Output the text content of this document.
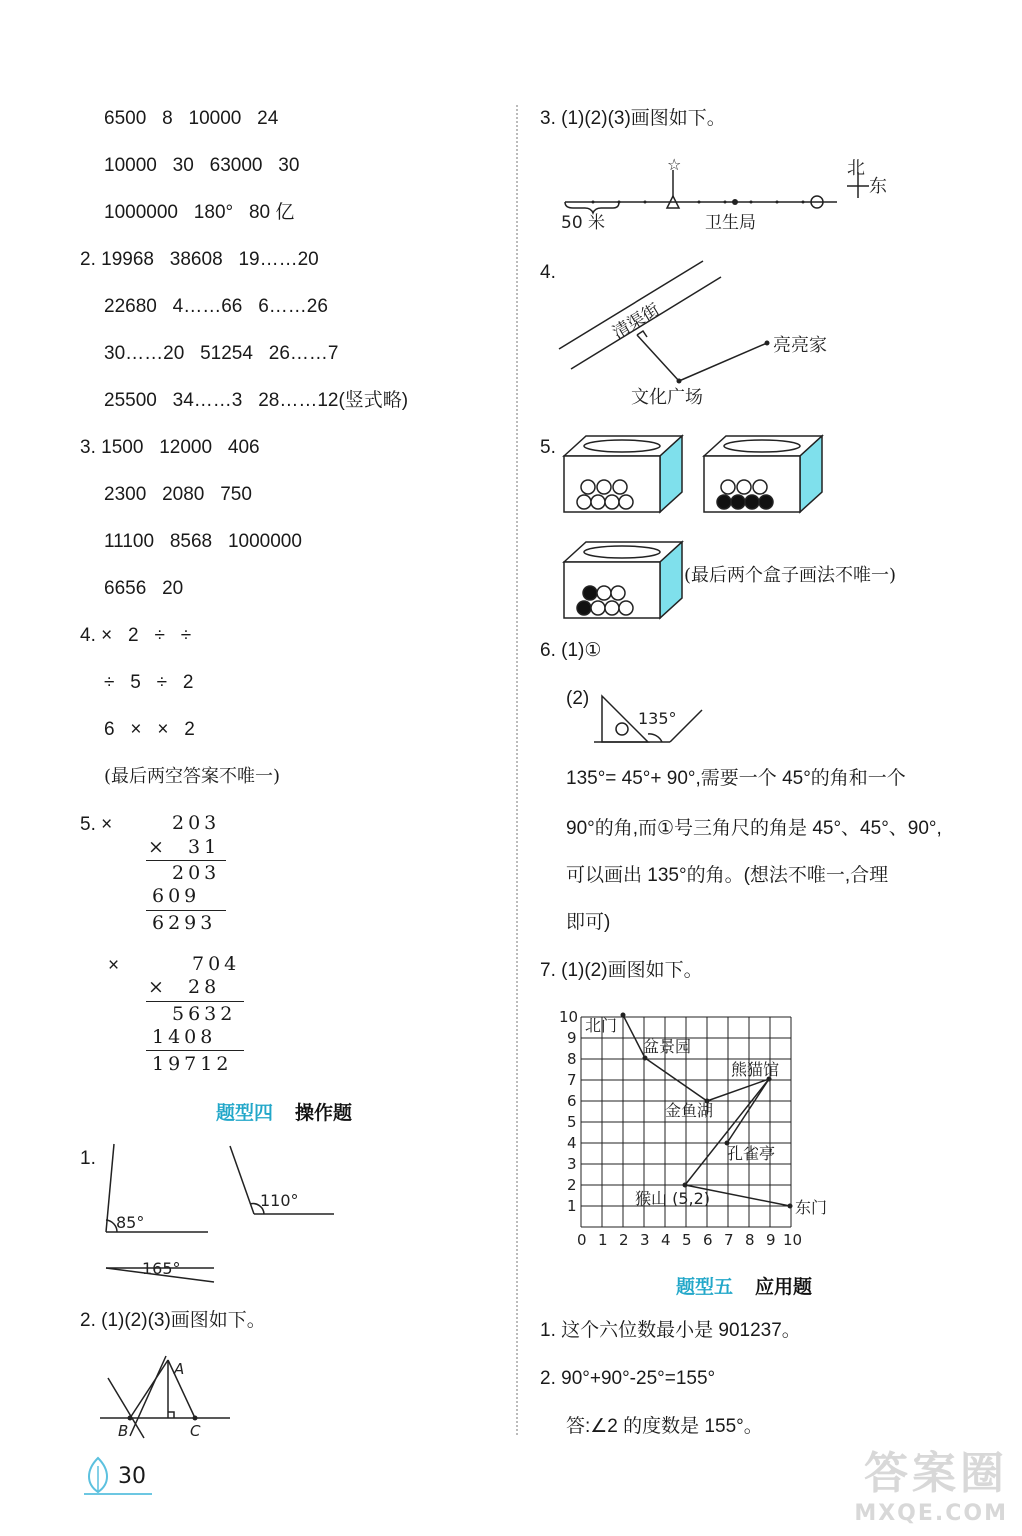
6500   8   10000   24
10000   30   63000   30
1000000   180°   80 亿
2. 19968   38608   19……20
22680   4……66   6……26
30……20   51254   26……7
25500   34……3   28……12(竖式略)
3. 1500   12000   406
2300   2080   750
11100   8568   1000000
6656   20
4. ×   2   ÷   ÷
÷   5   ÷   2
6   ×   ×   2
(最后两空答案不唯一)
5. ×	203
×  31
203
609
6293
×	704
×  28
5632
1408
19712
题型四 操作题
1.
85°
110°
165°
2. (1)(2)(3)画图如下。
A
B	C
3. (1)(2)(3)画图如下。
☆	北
东
50 米	卫生局
4.
清渠街
亮亮家
文化广场
5.
(最后两个盒子画法不唯一)
6. (1)①
(2)
135°
135°= 45°+ 90°,需要一个 45°的角和一个
90°的角,而①号三角尺的角是 45°、45°、90°,
可以画出 135°的角。(想法不唯一,合理
即可)
7. (1)(2)画图如下。
0 1 2 3 4 5 6 7 8 9 10
1
2
3
4
5
6
7
8
9
10 北门
盆景园
熊猫馆
金鱼湖
孔雀亭
猴山 (5,2)	东门
题型五 应用题
1. 这个六位数最小是 901237。
2. 90°+90°-25°=155°
答:∠2 的度数是 155°。
30	答案圈
MXQE.COM
